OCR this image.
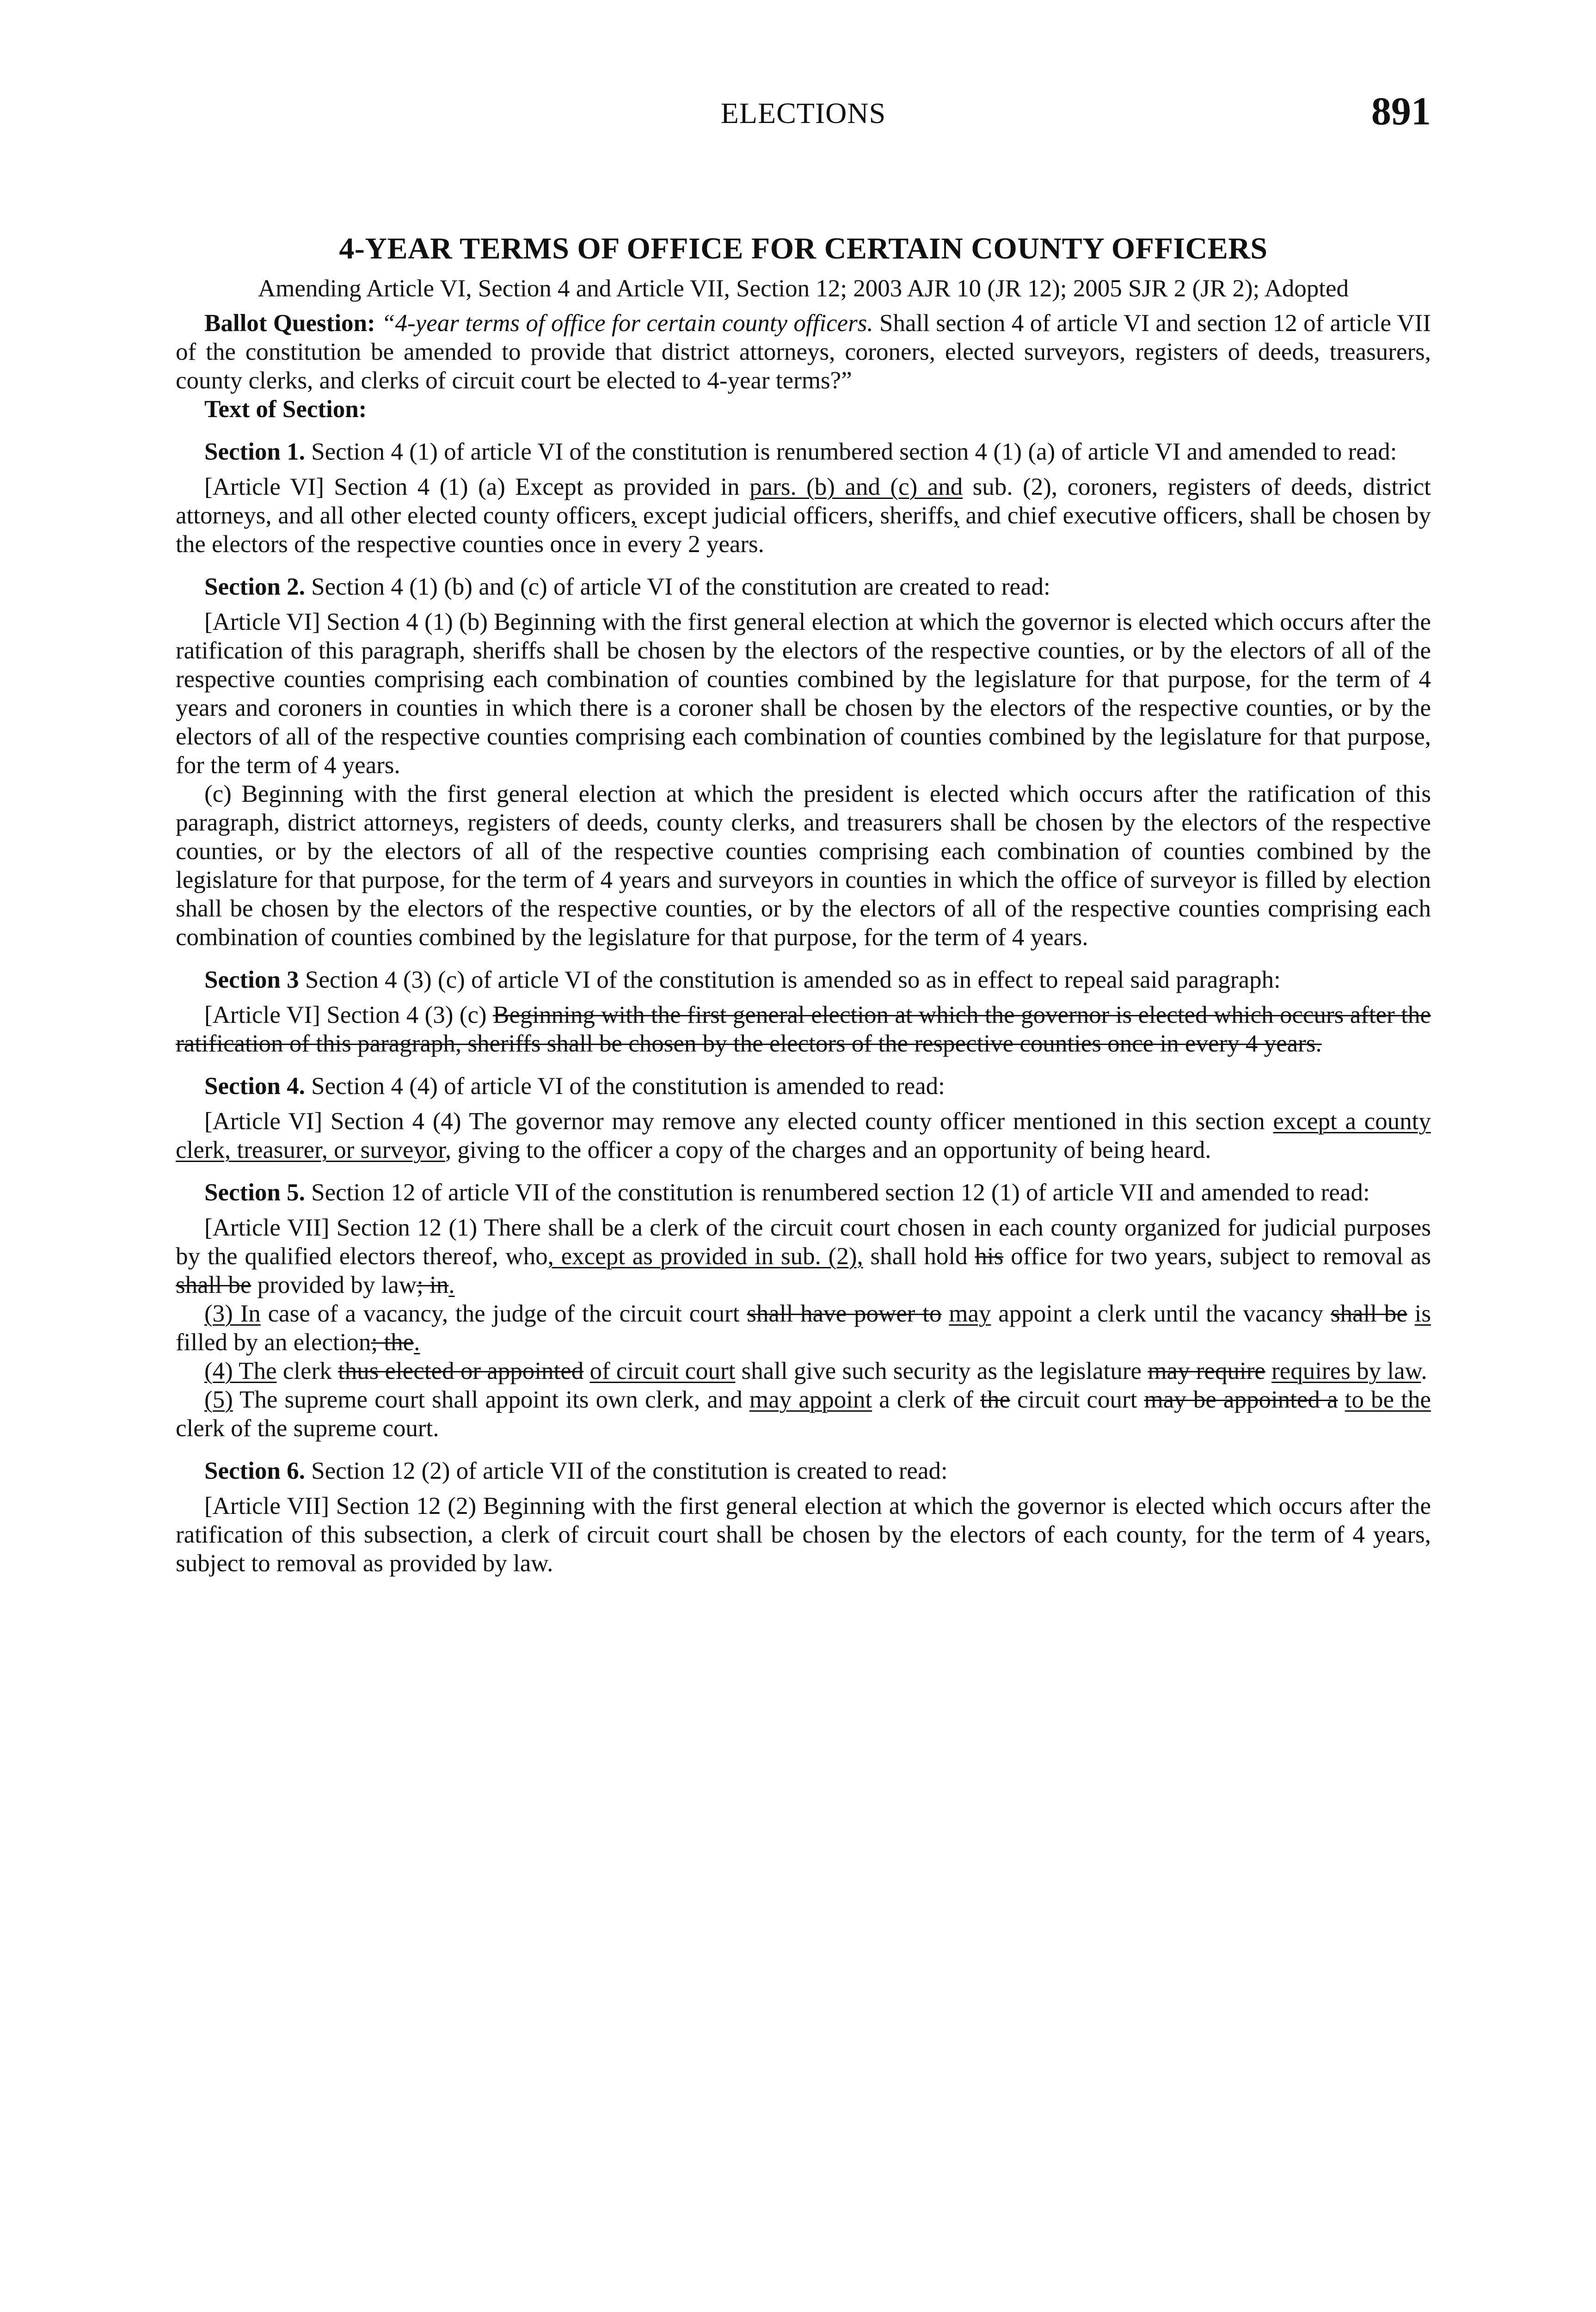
ELECTIONS	891
4-YEAR TERMS OF OFFICE FOR CERTAIN COUNTY OFFICERS
Amending Article VI, Section 4 and Article VII, Section 12; 2003 AJR 10 (JR 12); 2005 SJR 2 (JR 2); Adopted

Ballot Question: “4-year terms of office for certain county officers. Shall section 4 of article VI and section 12 of article VII of the constitution be amended to provide that district attorneys, coroners, elected surveyors, registers of deeds, treasurers, county clerks, and clerks of circuit court be elected to 4-year terms?”

Text of Section:

Section 1. Section 4 (1) of article VI of the constitution is renumbered section 4 (1) (a) of article VI and amended to read:

[Article VI] Section 4 (1) (a) Except as provided in pars. (b) and (c) and sub. (2), coroners, registers of deeds, district attorneys, and all other elected county officers, except judicial officers, sheriffs, and chief executive officers, shall be chosen by the electors of the respective counties once in every 2 years.

Section 2. Section 4 (1) (b) and (c) of article VI of the constitution are created to read:

[Article VI] Section 4 (1) (b) Beginning with the first general election at which the governor is elected which occurs after the ratification of this paragraph, sheriffs shall be chosen by the electors of the respective counties, or by the electors of all of the respective counties comprising each combination of counties combined by the legislature for that purpose, for the term of 4 years and coroners in counties in which there is a coroner shall be chosen by the electors of the respective counties, or by the electors of all of the respective counties comprising each combination of counties combined by the legislature for that purpose, for the term of 4 years.

(c) Beginning with the first general election at which the president is elected which occurs after the ratification of this paragraph, district attorneys, registers of deeds, county clerks, and treasurers shall be chosen by the electors of the respective counties, or by the electors of all of the respective counties comprising each combination of counties combined by the legislature for that purpose, for the term of 4 years and surveyors in counties in which the office of surveyor is filled by election shall be chosen by the electors of the respective counties, or by the electors of all of the respective counties comprising each combination of counties combined by the legislature for that purpose, for the term of 4 years.

Section 3 Section 4 (3) (c) of article VI of the constitution is amended so as in effect to repeal said paragraph:

[Article VI] Section 4 (3) (c) Beginning with the first general election at which the governor is elected which occurs after the ratification of this paragraph, sheriffs shall be chosen by the electors of the respective counties once in every 4 years.

Section 4. Section 4 (4) of article VI of the constitution is amended to read:

[Article VI] Section 4 (4) The governor may remove any elected county officer mentioned in this section except a county clerk, treasurer, or surveyor, giving to the officer a copy of the charges and an opportunity of being heard.

Section 5. Section 12 of article VII of the constitution is renumbered section 12 (1) of article VII and amended to read:

[Article VII] Section 12 (1) There shall be a clerk of the circuit court chosen in each county organized for judicial purposes by the qualified electors thereof, who, except as provided in sub. (2), shall hold his office for two years, subject to removal as shall be provided by law; in.

(3) In case of a vacancy, the judge of the circuit court shall have power to may appoint a clerk until the vacancy shall be is filled by an election; the.

(4) The clerk thus elected or appointed of circuit court shall give such security as the legislature may require requires by law.

(5) The supreme court shall appoint its own clerk, and may appoint a clerk of the circuit court may be appointed a to be the clerk of the supreme court.

Section 6. Section 12 (2) of article VII of the constitution is created to read:

[Article VII] Section 12 (2) Beginning with the first general election at which the governor is elected which occurs after the ratification of this subsection, a clerk of circuit court shall be chosen by the electors of each county, for the term of 4 years, subject to removal as provided by law.
